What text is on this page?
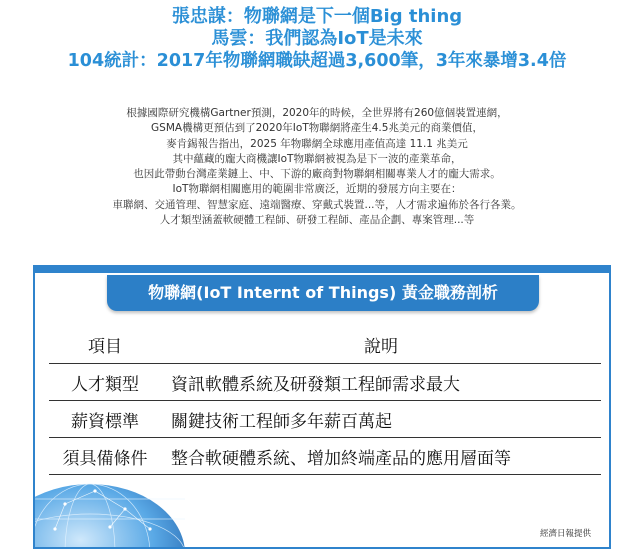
張忠謀：物聯網是下一個Big thing
馬雲：我們認為IoT是未來
104統計：2017年物聯網職缺超過3,600筆，3年來暴增3.4倍
根據國際研究機構Gartner預測，2020年的時候，全世界將有260億個裝置連網，
GSMA機構更預估到了2020年IoT物聯網將產生4.5兆美元的商業價值，
麥肯錫報告指出，2025 年物聯網全球應用產值高達 11.1 兆美元
其中蘊藏的龐大商機讓IoT物聯網被視為是下一波的產業革命，
也因此帶動台灣產業鏈上、中、下游的廠商對物聯網相關專業人才的龐大需求。
IoT物聯網相關應用的範圍非常廣泛，近期的發展方向主要在：
車聯網、交通管理、智慧家庭、遠端醫療、穿戴式裝置...等，人才需求遍佈於各行各業。
人才類型涵蓋軟硬體工程師、研發工程師、產品企劃、專案管理...等
物聯網(IoT Internt of Things) 黃金職務剖析
項目	說明
人才類型	資訊軟體系統及研發類工程師需求最大
薪資標準	關鍵技術工程師多年薪百萬起
須具備條件	整合軟硬體系統、增加終端產品的應用層面等
經濟日報提供
